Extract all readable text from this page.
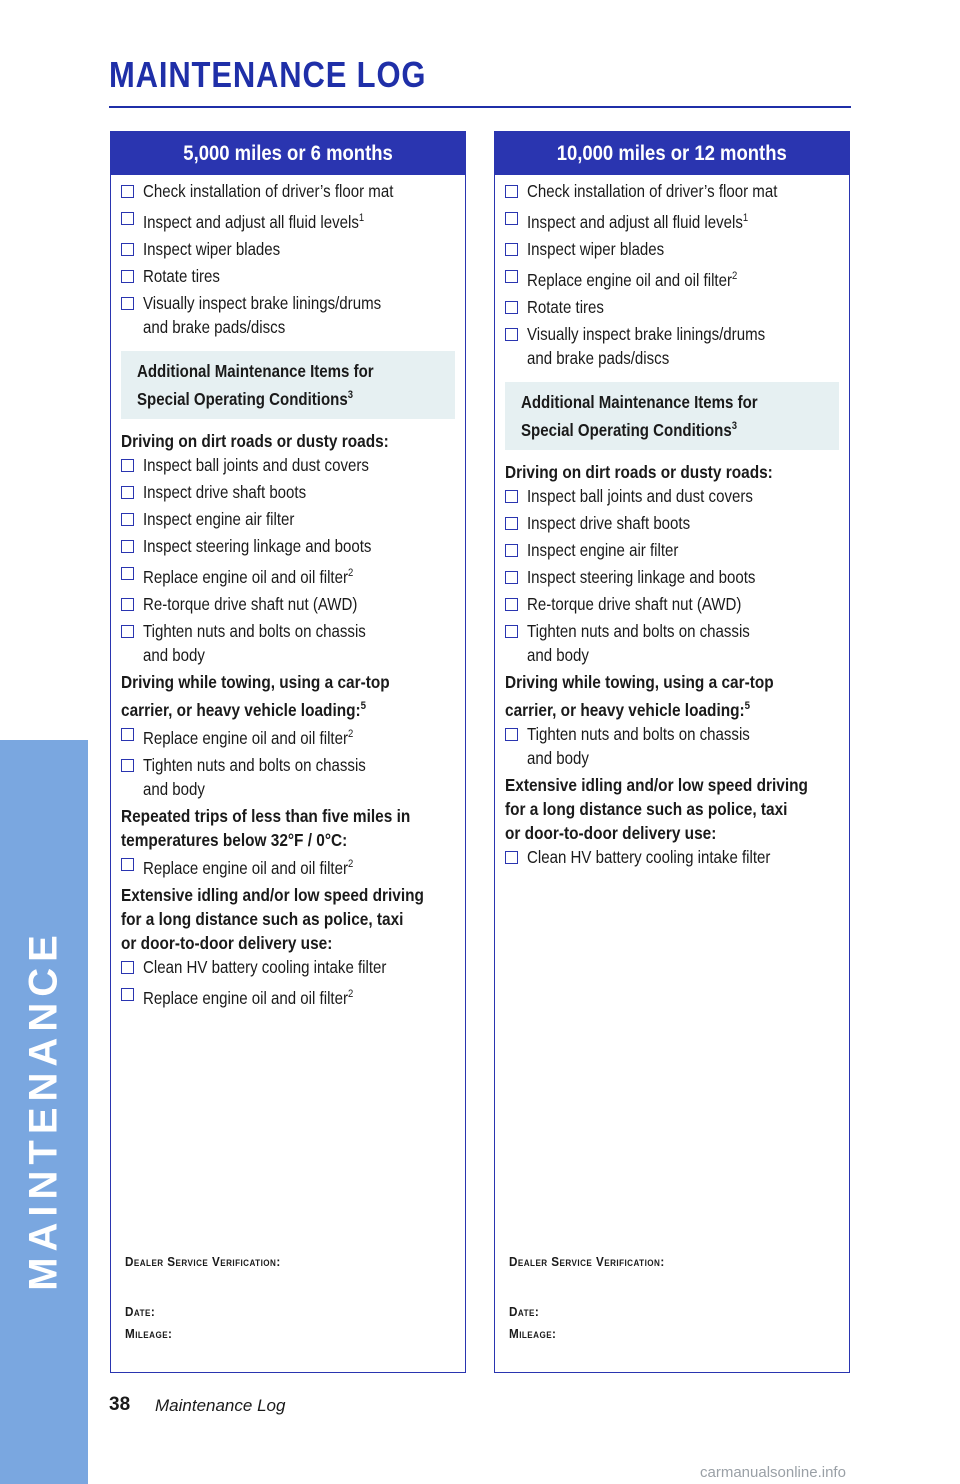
MAINTENANCE
MAINTENANCE LOG
5,000 miles or 6 months
Check installation of driver’s floor mat
Inspect and adjust all fluid levels$^1$
Inspect wiper blades
Rotate tires
Visually inspect brake linings/drums
and brake pads/discs
Additional Maintenance Items for
Special Operating Conditions$^3$
Driving on dirt roads or dusty roads:
Inspect ball joints and dust covers
Inspect drive shaft boots
Inspect engine air filter
Inspect steering linkage and boots
Replace engine oil and oil filter$^2$
Re-torque drive shaft nut (AWD)
Tighten nuts and bolts on chassis
and body
Driving while towing, using a car-top
carrier, or heavy vehicle loading:$^5$
Replace engine oil and oil filter$^2$
Tighten nuts and bolts on chassis
and body
Repeated trips of less than five miles in
temperatures below 32°F / 0°C:
Replace engine oil and oil filter$^2$
Extensive idling and/or low speed driving
for a long distance such as police, taxi
or door-to-door delivery use:
Clean HV battery cooling intake filter
Replace engine oil and oil filter$^2$
Dealer Service Verification:
Date:
Mileage:
10,000 miles or 12 months
Check installation of driver’s floor mat
Inspect and adjust all fluid levels$^1$
Inspect wiper blades
Replace engine oil and oil filter$^2$
Rotate tires
Visually inspect brake linings/drums
and brake pads/discs
Additional Maintenance Items for
Special Operating Conditions$^3$
Driving on dirt roads or dusty roads:
Inspect ball joints and dust covers
Inspect drive shaft boots
Inspect engine air filter
Inspect steering linkage and boots
Re-torque drive shaft nut (AWD)
Tighten nuts and bolts on chassis
and body
Driving while towing, using a car-top
carrier, or heavy vehicle loading:$^5$
Tighten nuts and bolts on chassis
and body
Extensive idling and/or low speed driving
for a long distance such as police, taxi
or door-to-door delivery use:
Clean HV battery cooling intake filter
Dealer Service Verification:
Date:
Mileage:
38 Maintenance Log
carmanualsonline.info
